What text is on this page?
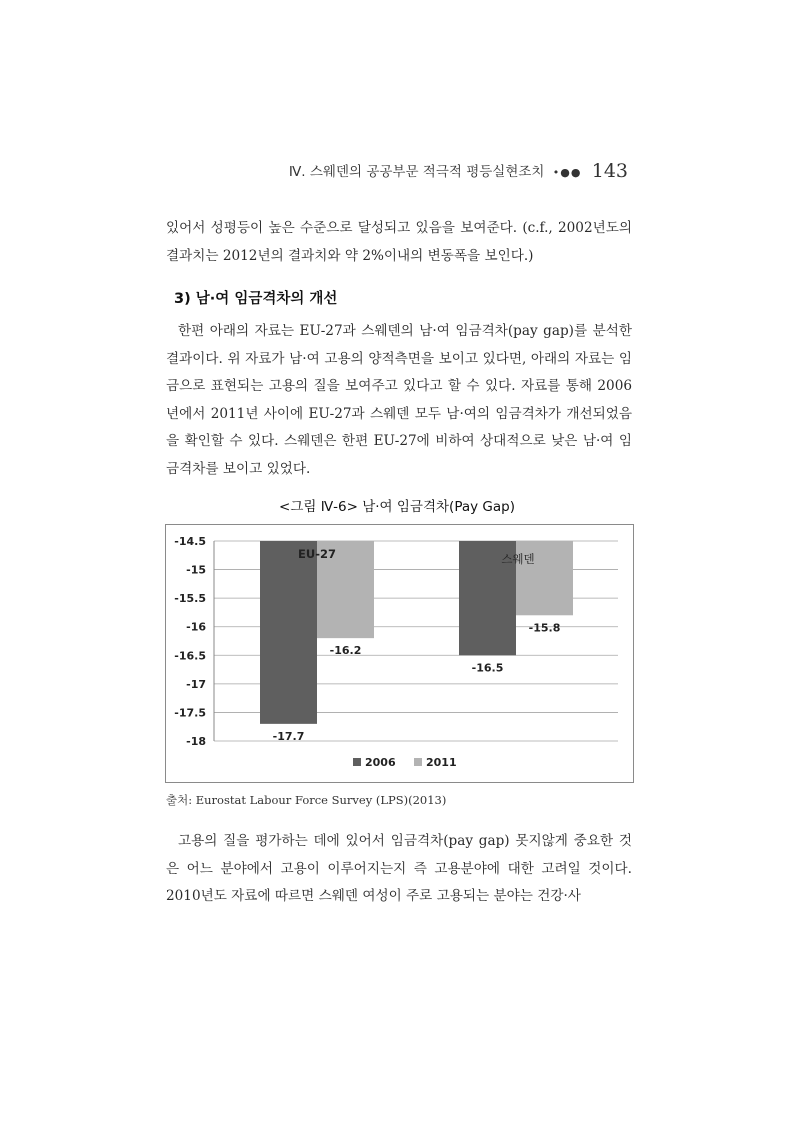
Ⅳ. 스웨덴의 공공부문 적극적 평등실현조치 •●● 143
있어서 성평등이 높은 수준으로 달성되고 있음을 보여준다. (c.f., 2002년도의 결과치는 2012년의 결과치와 약 2%이내의 변동폭을 보인다.)
3) 남·여 임금격차의 개선
한편 아래의 자료는 EU-27과 스웨덴의 남·여 임금격차(pay gap)를 분석한 결과이다. 위 자료가 남·여 고용의 양적측면을 보이고 있다면, 아래의 자료는 임금으로 표현되는 고용의 질을 보여주고 있다고 할 수 있다. 자료를 통해 2006년에서 2011년 사이에 EU-27과 스웨덴 모두 남·여의 임금격차가 개선되었음을 확인할 수 있다. 스웨덴은 한편 EU-27에 비하여 상대적으로 낮은 남·여 임금격차를 보이고 있었다.
<그림 Ⅳ-6> 남·여 임금격차(Pay Gap)
-14.5
-15
-15.5
-16
-16.5
-17
-17.5
-18	-17.7
-16.2
EU-27
-16.5
-15.8
스웨덴
2006	2011
출처: Eurostat Labour Force Survey (LPS)(2013)
고용의 질을 평가하는 데에 있어서 임금격차(pay gap) 못지않게 중요한 것은 어느 분야에서 고용이 이루어지는지 즉 고용분야에 대한 고려일 것이다. 2010년도 자료에 따르면 스웨덴 여성이 주로 고용되는 분야는 건강·사
